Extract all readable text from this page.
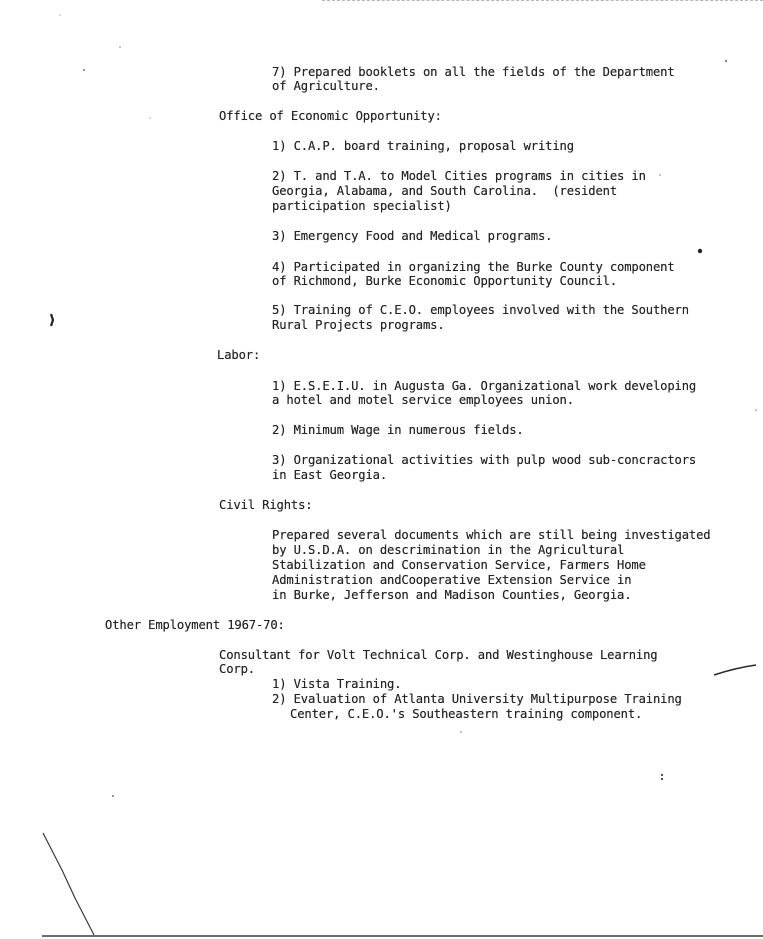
7) Prepared booklets on all the fields of the Department

of Agriculture.

Office of Economic Opportunity:

1) C.A.P. board training, proposal writing

2) T. and T.A. to Model Cities programs in cities in

Georgia, Alabama, and South Carolina.  (resident

participation specialist)

3) Emergency Food and Medical programs.

4) Participated in organizing the Burke County component

of Richmond, Burke Economic Opportunity Council.

5) Training of C.E.O. employees involved with the Southern

Rural Projects programs.

Labor:

1) E.S.E.I.U. in Augusta Ga. Organizational work developing

a hotel and motel service employees union.

2) Minimum Wage in numerous fields.

3) Organizational activities with pulp wood sub-concractors

in East Georgia.

Civil Rights:

Prepared several documents which are still being investigated

by U.S.D.A. on descrimination in the Agricultural

Stabilization and Conservation Service, Farmers Home

Administration andCooperative Extension Service in

in Burke, Jefferson and Madison Counties, Georgia.

Other Employment 1967-70:

Consultant for Volt Technical Corp. and Westinghouse Learning

Corp.

1) Vista Training.

2) Evaluation of Atlanta University Multipurpose Training

Center, C.E.O.'s Southeastern training component.
